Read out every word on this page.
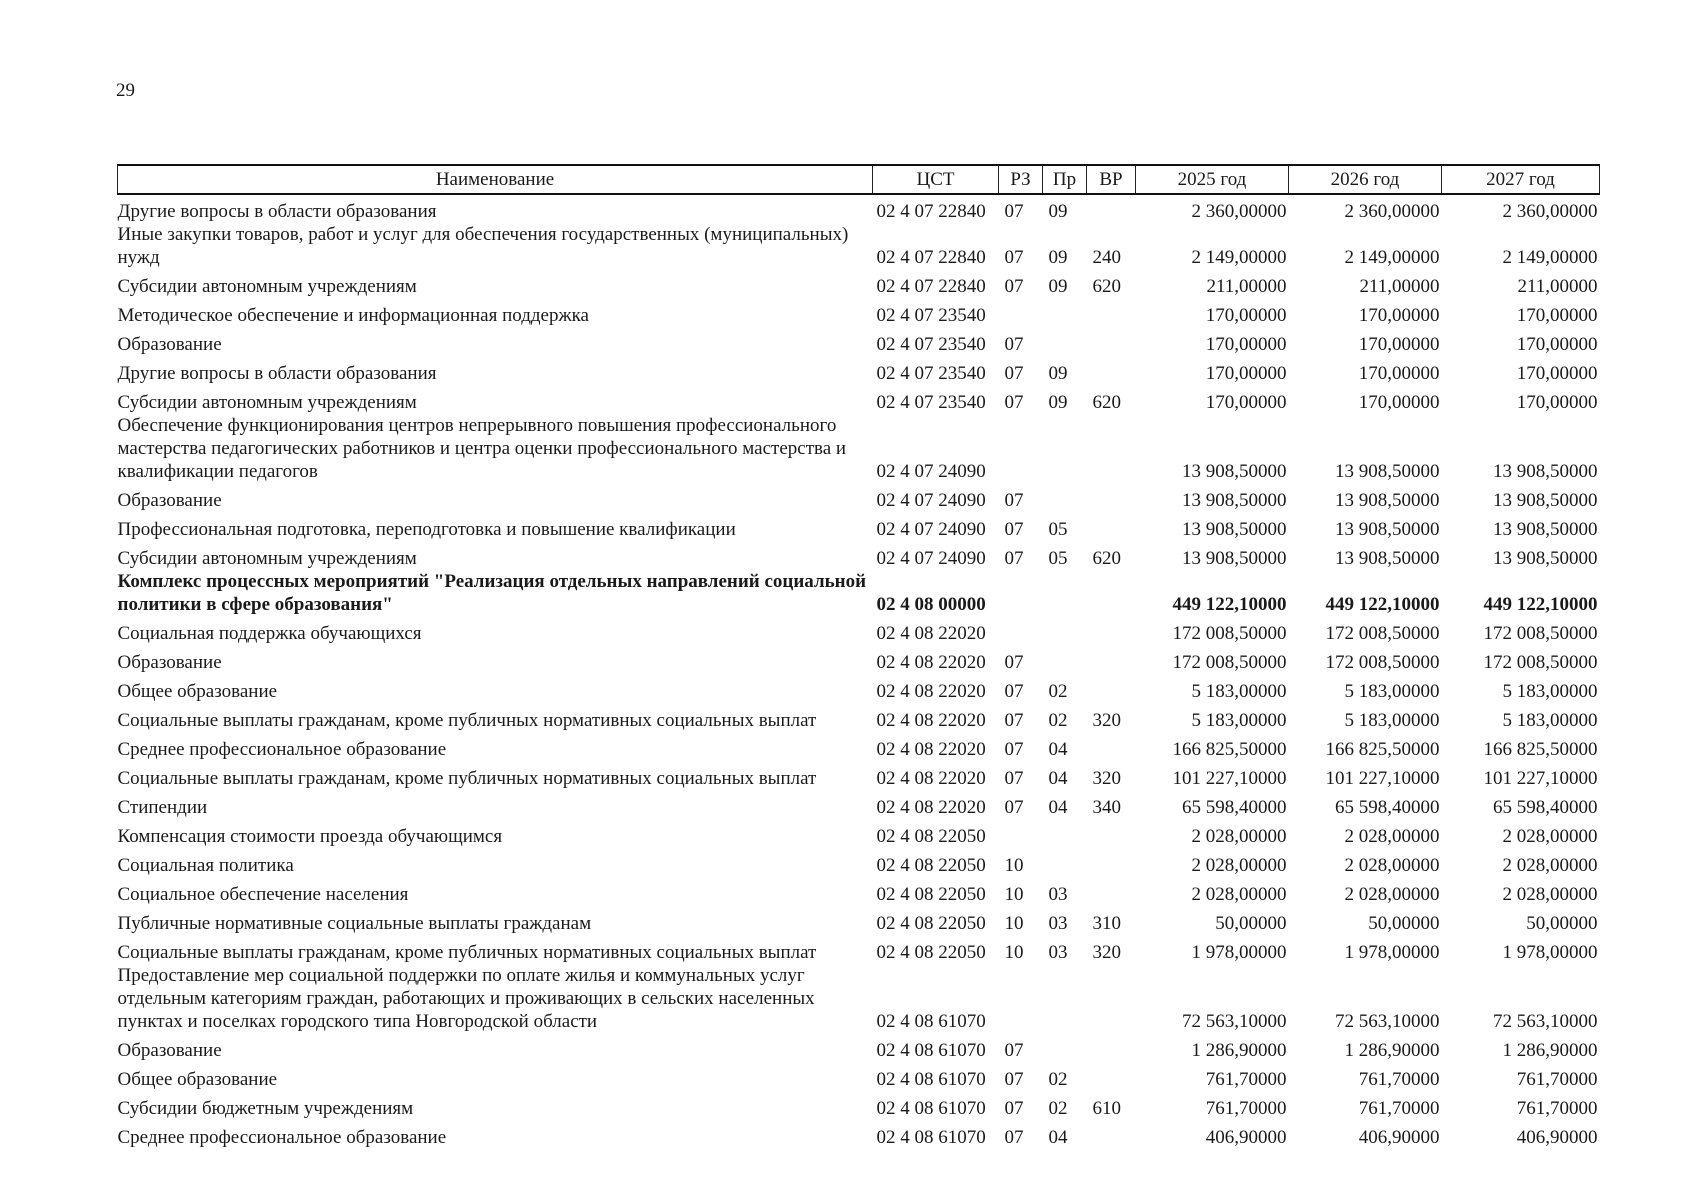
29
Наименование	ЦСТ	РЗ	Пр	ВР	2025 год	2026 год	2027 год
Другие вопросы в области образования	02 4 07 22840	07	09		2 360,00000	2 360,00000	2 360,00000
Иные закупки товаров, работ и услуг для обеспечения государственных (муниципальных) нужд	02 4 07 22840	07	09	240	2 149,00000	2 149,00000	2 149,00000
Субсидии автономным учреждениям	02 4 07 22840	07	09	620	211,00000	211,00000	211,00000
Методическое обеспечение и информационная поддержка	02 4 07 23540				170,00000	170,00000	170,00000
Образование	02 4 07 23540	07			170,00000	170,00000	170,00000
Другие вопросы в области образования	02 4 07 23540	07	09		170,00000	170,00000	170,00000
Субсидии автономным учреждениям	02 4 07 23540	07	09	620	170,00000	170,00000	170,00000
Обеспечение функционирования центров непрерывного повышения профессионального мастерства педагогических работников и центра оценки профессионального мастерства и квалификации педагогов	02 4 07 24090				13 908,50000	13 908,50000	13 908,50000
Образование	02 4 07 24090	07			13 908,50000	13 908,50000	13 908,50000
Профессиональная подготовка, переподготовка и повышение квалификации	02 4 07 24090	07	05		13 908,50000	13 908,50000	13 908,50000
Субсидии автономным учреждениям	02 4 07 24090	07	05	620	13 908,50000	13 908,50000	13 908,50000
Комплекс процессных мероприятий "Реализация отдельных направлений социальной политики в сфере образования"	02 4 08 00000				449 122,10000	449 122,10000	449 122,10000
Социальная поддержка обучающихся	02 4 08 22020				172 008,50000	172 008,50000	172 008,50000
Образование	02 4 08 22020	07			172 008,50000	172 008,50000	172 008,50000
Общее образование	02 4 08 22020	07	02		5 183,00000	5 183,00000	5 183,00000
Социальные выплаты гражданам, кроме публичных нормативных социальных выплат	02 4 08 22020	07	02	320	5 183,00000	5 183,00000	5 183,00000
Среднее профессиональное образование	02 4 08 22020	07	04		166 825,50000	166 825,50000	166 825,50000
Социальные выплаты гражданам, кроме публичных нормативных социальных выплат	02 4 08 22020	07	04	320	101 227,10000	101 227,10000	101 227,10000
Стипендии	02 4 08 22020	07	04	340	65 598,40000	65 598,40000	65 598,40000
Компенсация стоимости проезда обучающимся	02 4 08 22050				2 028,00000	2 028,00000	2 028,00000
Социальная политика	02 4 08 22050	10			2 028,00000	2 028,00000	2 028,00000
Социальное обеспечение населения	02 4 08 22050	10	03		2 028,00000	2 028,00000	2 028,00000
Публичные нормативные социальные выплаты гражданам	02 4 08 22050	10	03	310	50,00000	50,00000	50,00000
Социальные выплаты гражданам, кроме публичных нормативных социальных выплат	02 4 08 22050	10	03	320	1 978,00000	1 978,00000	1 978,00000
Предоставление мер социальной поддержки по оплате жилья и коммунальных услуг отдельным категориям граждан, работающих и проживающих в сельских населенных пунктах и поселках городского типа Новгородской области	02 4 08 61070				72 563,10000	72 563,10000	72 563,10000
Образование	02 4 08 61070	07			1 286,90000	1 286,90000	1 286,90000
Общее образование	02 4 08 61070	07	02		761,70000	761,70000	761,70000
Субсидии бюджетным учреждениям	02 4 08 61070	07	02	610	761,70000	761,70000	761,70000
Среднее профессиональное образование	02 4 08 61070	07	04		406,90000	406,90000	406,90000
